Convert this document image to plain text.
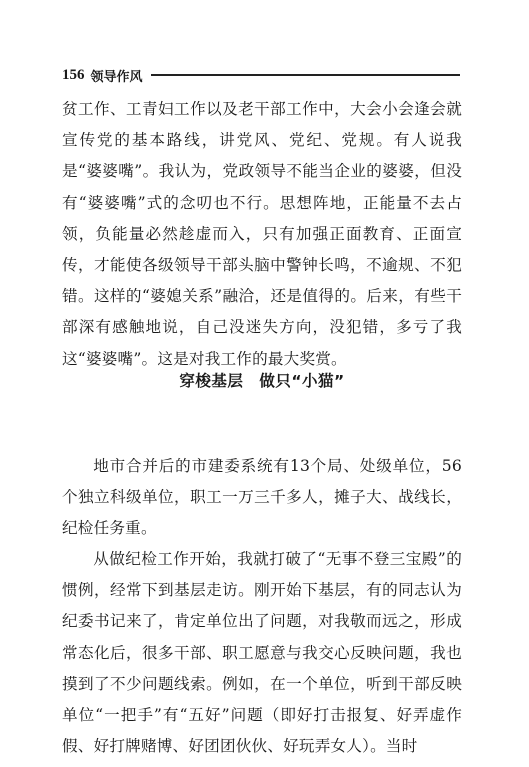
156 领导作风

贫工作、工青妇工作以及老干部工作中，大会小会逢会就宣传党的基本路线，讲党风、党纪、党规。有人说我是“婆婆嘴”。我认为，党政领导不能当企业的婆婆，但没有“婆婆嘴”式的念叨也不行。思想阵地，正能量不去占领，负能量必然趁虚而入，只有加强正面教育、正面宣传，才能使各级领导干部头脑中警钟长鸣，不逾规、不犯错。这样的“婆媳关系”融洽，还是值得的。后来，有些干部深有感触地说，自己没迷失方向，没犯错，多亏了我这“婆婆嘴”。这是对我工作的最大奖赏。

穿梭基层　做只“小猫”

地市合并后的市建委系统有13个局、处级单位，56个独立科级单位，职工一万三千多人，摊子大、战线长，纪检任务重。

从做纪检工作开始，我就打破了“无事不登三宝殿”的惯例，经常下到基层走访。刚开始下基层，有的同志认为纪委书记来了，肯定单位出了问题，对我敬而远之，形成常态化后，很多干部、职工愿意与我交心反映问题，我也摸到了不少问题线索。例如，在一个单位，听到干部反映单位“一把手”有“五好”问题（即好打击报复、好弄虚作假、好打牌赌博、好团团伙伙、好玩弄女人）。当时
